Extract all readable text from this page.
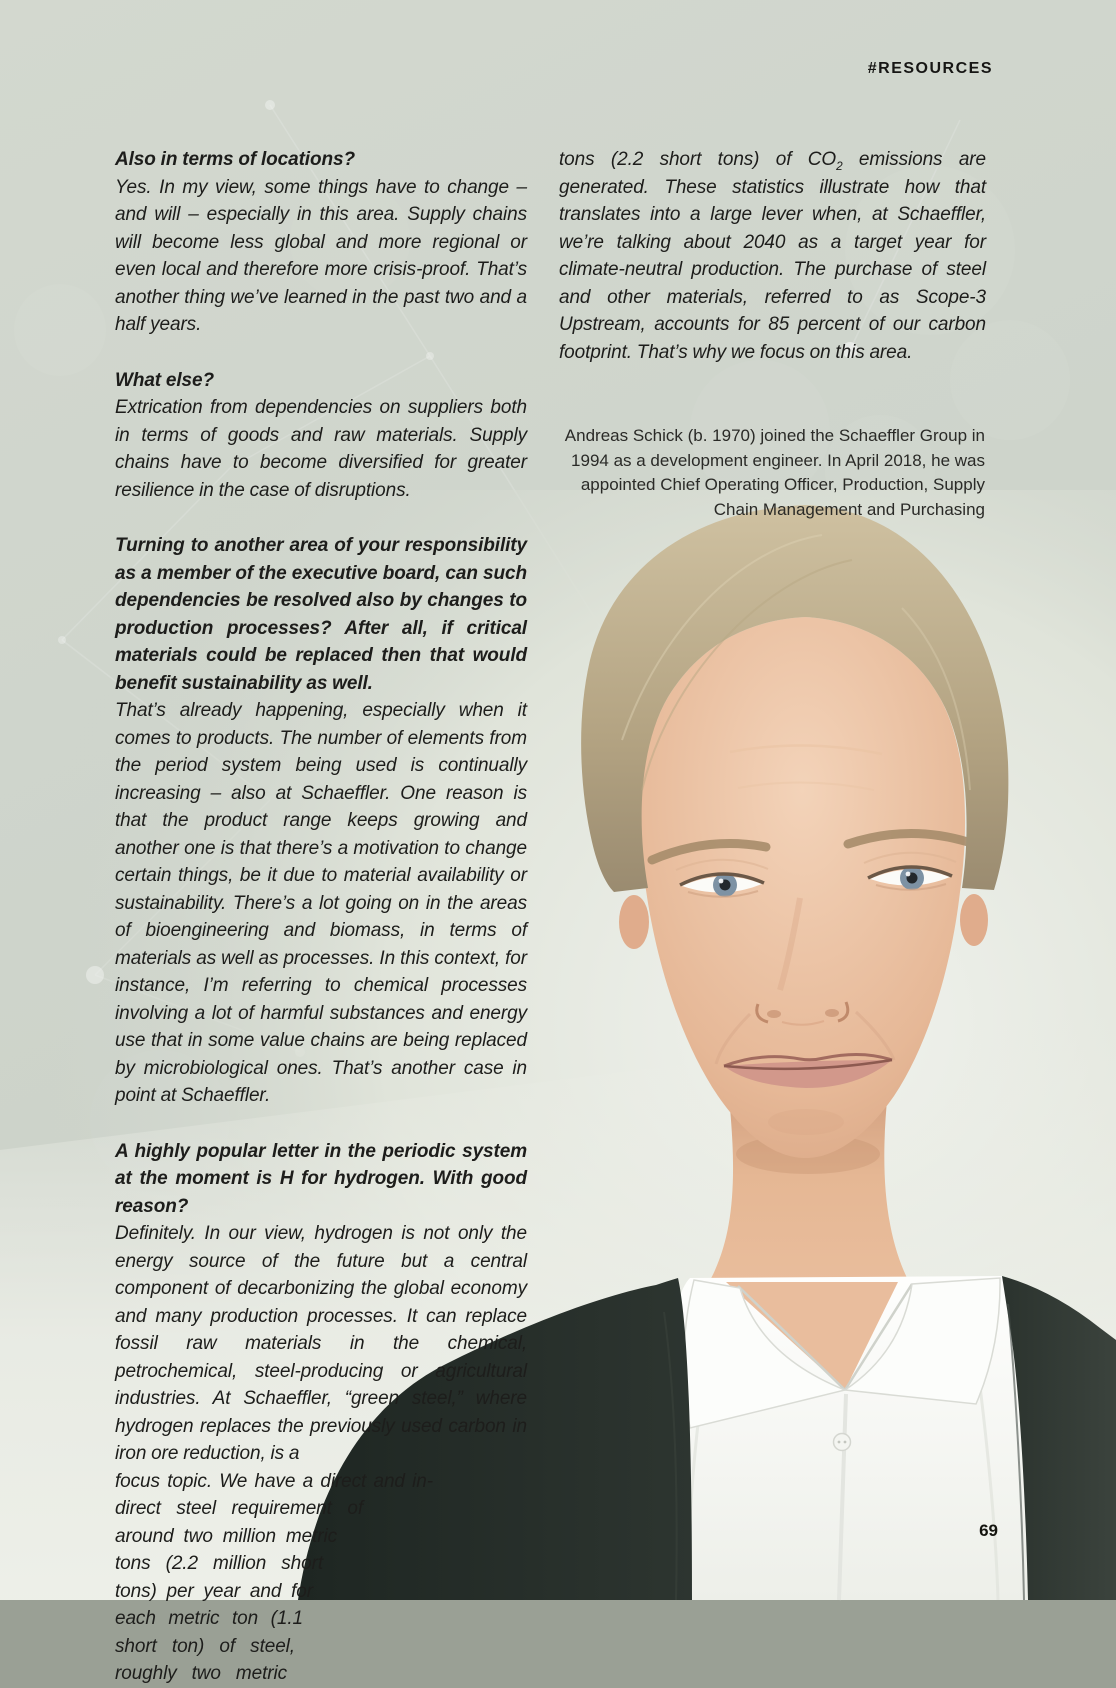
#RESOURCES

Also in terms of locations?

Yes. In my view, some things have to change – and will – especially in this area. Supply chains will become less global and more regional or even local and therefore more crisis-proof. That’s another thing we’ve learned in the past two and a half years.

What else?

Extrication from dependencies on suppliers both in terms of goods and raw materials. Supply chains have to become diversified for greater resilience in the case of disruptions.

Turning to another area of your responsibility as a member of the executive board, can such dependencies be resolved also by changes to production processes? After all, if critical materials could be replaced then that would benefit sustainability as well.

That’s already happening, especially when it comes to products. The number of elements from the period system being used is continually increasing – also at Schaeffler. One reason is that the product range keeps growing and another one is that there’s a motivation to change certain things, be it due to material availability or sustainability. There’s a lot going on in the areas of bioengineering and biomass, in terms of materials as well as processes. In this context, for instance, I’m referring to chemical processes involving a lot of harmful substances and energy use that in some value chains are being replaced by microbiological ones. That’s another case in point at Schaeffler.

A highly popular letter in the periodic system at the moment is H for hydrogen. With good reason?

Definitely. In our view, hydrogen is not only the energy source of the future but a central component of decarbonizing the global economy and many production processes. It can replace fossil raw materials in the chemical, petrochemical, steel-producing or agricultural industries. At Schaeffler, “green steel,” where hydrogen replaces the previously used carbon in iron ore reduction, is a

focus topic. We have a direct and in-
direct steel requirement of
around two million metric
tons (2.2 million short
tons) per year and for
each metric ton (1.1
short ton) of steel,
roughly two metric

tons (2.2 short tons) of $CO_2$ emissions are generated. These statistics illustrate how that translates into a large lever when, at Schaeffler, we’re talking about 2040 as a target year for climate-neutral production. The purchase of steel and other materials, referred to as Scope-3 Upstream, accounts for 85 percent of our carbon footprint. That’s why we focus on this area.

Andreas Schick (b. 1970) joined the Schaeffler Group in 1994 as a development engineer. In April 2018, he was appointed Chief Operating Officer, Production, Supply Chain Management and Purchasing

69
